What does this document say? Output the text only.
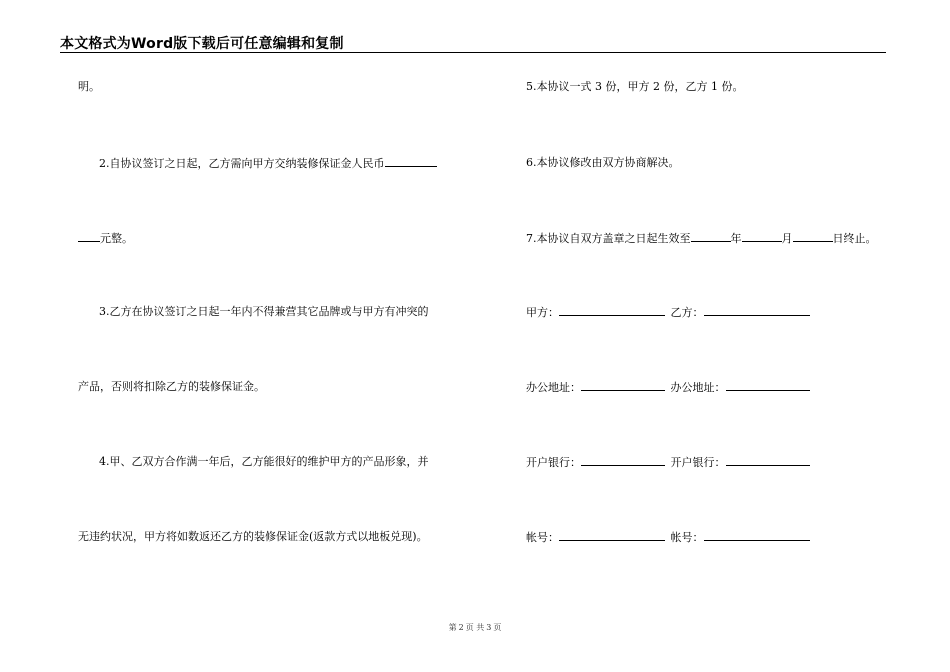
本文格式为Word版下载后可任意编辑和复制
明。
2.自协议签订之日起，乙方需向甲方交纳装修保证金人民币
元整。
3.乙方在协议签订之日起一年内不得兼营其它品牌或与甲方有冲突的
产品，否则将扣除乙方的装修保证金。
4.甲、乙双方合作满一年后，乙方能很好的维护甲方的产品形象，并
无违约状况，甲方将如数返还乙方的装修保证金(返款方式以地板兑现)。
5.本协议一式 3 份，甲方 2 份，乙方 1 份。
6.本协议修改由双方协商解决。
7.本协议自双方盖章之日起生效至	年	月	日终止。
甲方：	乙方：
办公地址：	办公地址：
开户银行：	开户银行：
帐号：	帐号：
第 2 页 共 3 页
